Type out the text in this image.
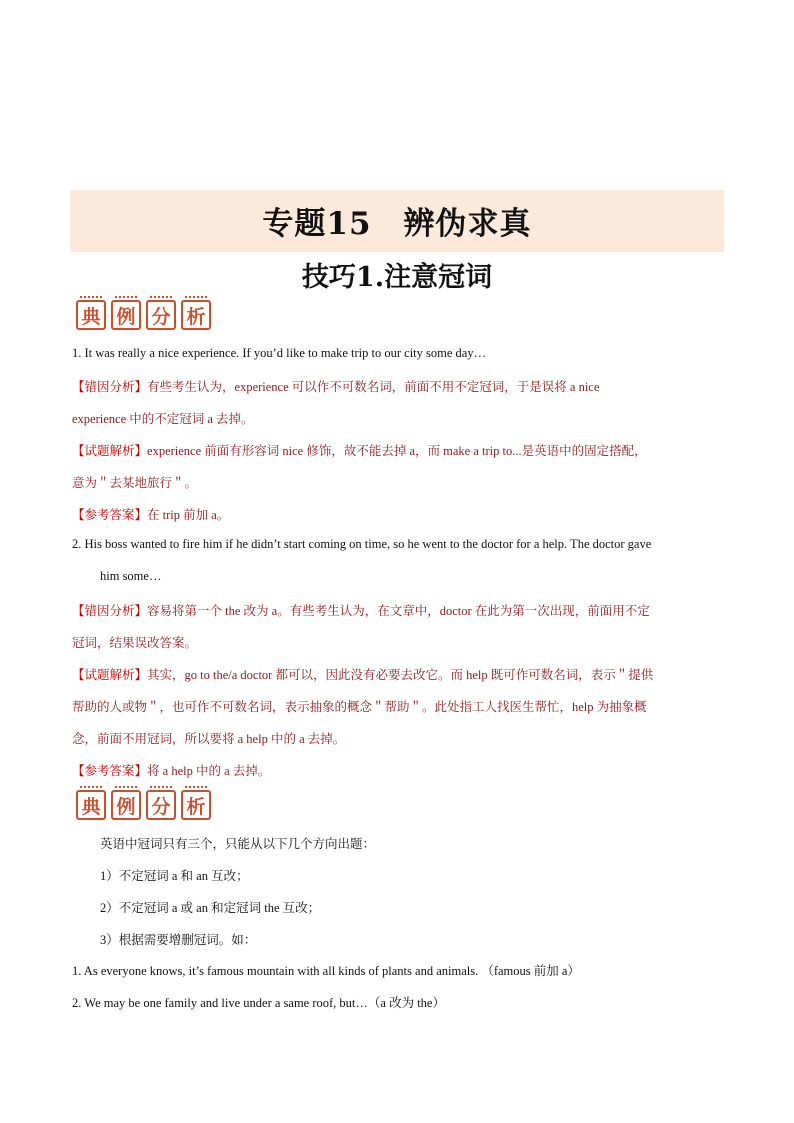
专题15　辨伪求真
技巧1.注意冠词
典 例 分 析
1. It was really a nice experience. If you’d like to make trip to our city some day…
【错因分析】有些考生认为，experience 可以作不可数名词，前面不用不定冠词，于是误将 a nice
experience 中的不定冠词 a 去掉。
【试题解析】experience 前面有形容词 nice 修饰，故不能去掉 a，而 make a trip to...是英语中的固定搭配，
意为＂去某地旅行＂。
【参考答案】在 trip 前加 a。
2. His boss wanted to fire him if he didn’t start coming on time, so he went to the doctor for a help. The doctor gave
him some…
【错因分析】容易将第一个 the 改为 a。有些考生认为，在文章中，doctor 在此为第一次出现，前面用不定
冠词，结果误改答案。
【试题解析】其实，go to the/a doctor 都可以，因此没有必要去改它。而 help 既可作可数名词，表示＂提供
帮助的人或物＂，也可作不可数名词，表示抽象的概念＂帮助＂。此处指工人找医生帮忙，help 为抽象概
念，前面不用冠词，所以要将 a help 中的 a 去掉。
【参考答案】将 a help 中的 a 去掉。
典 例 分 析
英语中冠词只有三个，只能从以下几个方向出题：
1）不定冠词 a 和 an 互改；
2）不定冠词 a 或 an 和定冠词 the 互改；
3）根据需要增删冠词。如：
1. As everyone knows, it’s famous mountain with all kinds of plants and animals. （famous 前加 a）
2. We may be one family and live under a same roof, but…（a 改为 the）
